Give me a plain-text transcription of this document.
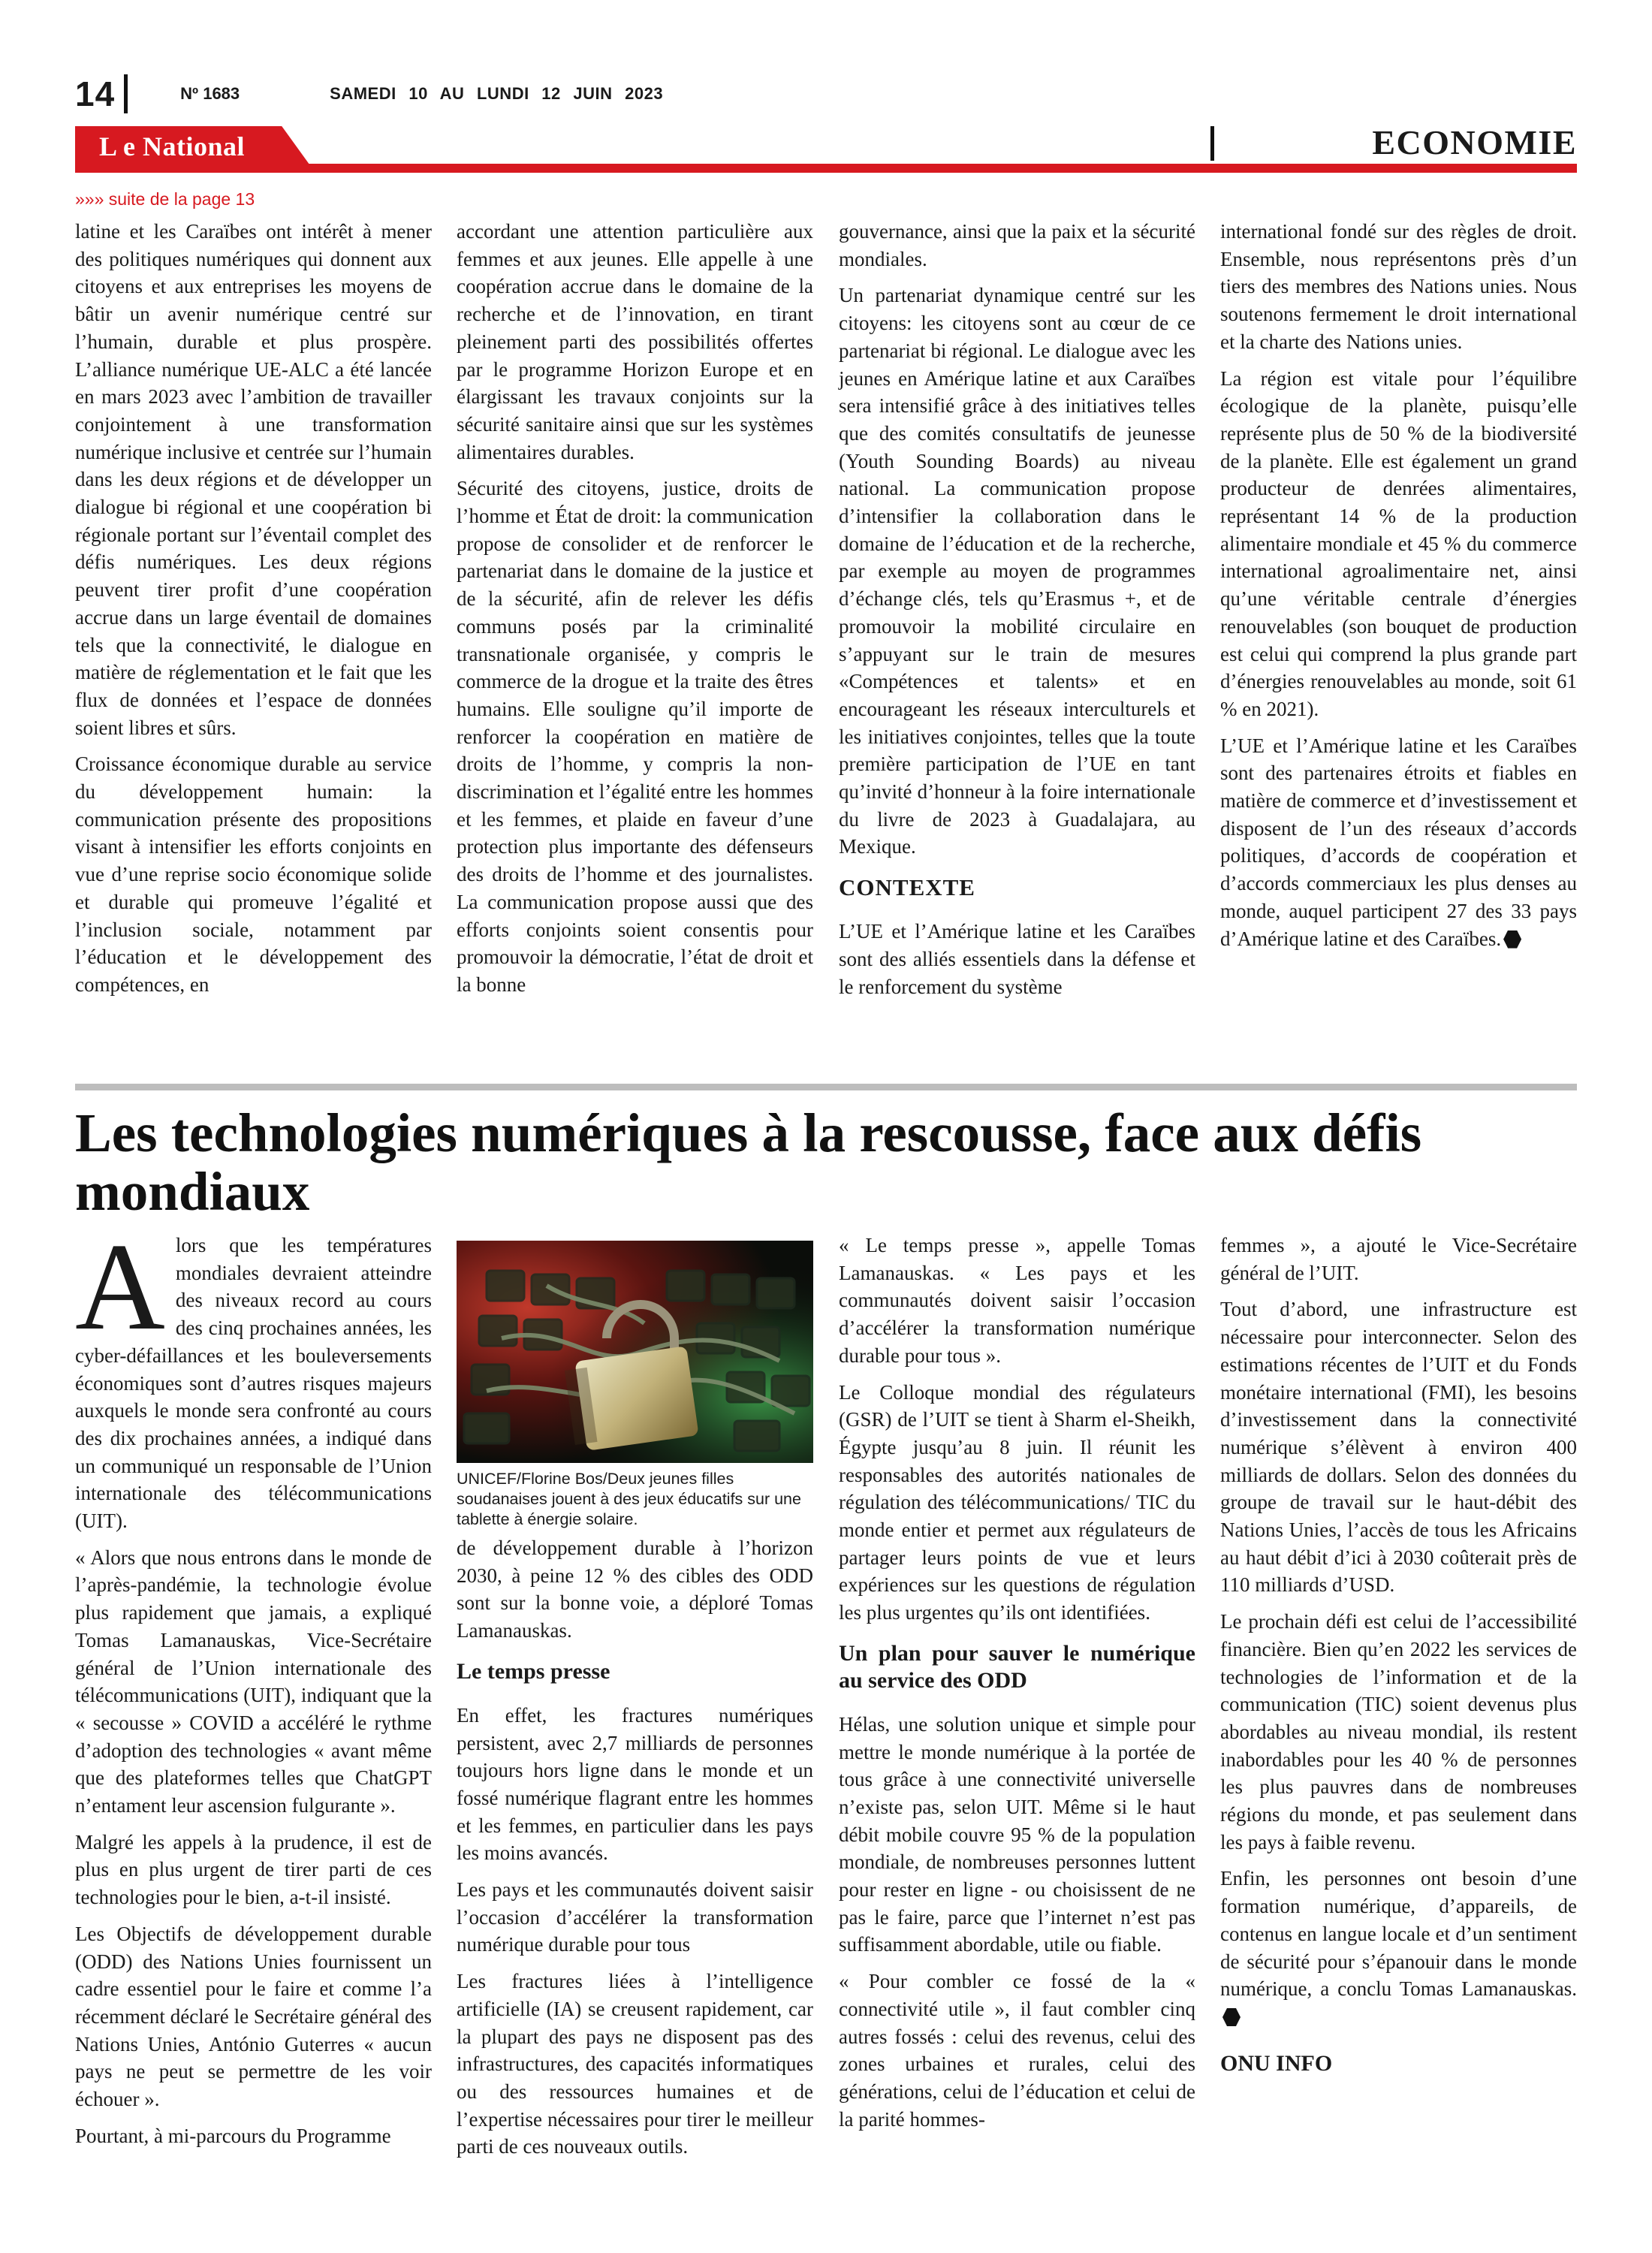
14	Nº 1683	SAMEDI 10 AU LUNDI 12 JUIN 2023
L e National	ECONOMIE
»»» suite de la page 13

latine et les Caraïbes ont intérêt à mener des politiques numériques qui donnent aux citoyens et aux entreprises les moyens de bâtir un avenir numérique centré sur l’humain, durable et plus prospère. L’alliance numérique UE-ALC a été lancée en mars 2023 avec l’ambition de travailler conjointement à une transformation numérique inclusive et centrée sur l’humain dans les deux régions et de développer un dialogue bi régional et une coopération bi régionale portant sur l’éventail complet des défis numériques. Les deux régions peuvent tirer profit d’une coopération accrue dans un large éventail de domaines tels que la connectivité, le dialogue en matière de réglementation et le fait que les flux de données et l’espace de données soient libres et sûrs.

Croissance économique durable au service du développement humain: la communication présente des propositions visant à intensifier les efforts conjoints en vue d’une reprise socio économique solide et durable qui promeuve l’égalité et l’inclusion sociale, notamment par l’éducation et le développement des compétences, en

accordant une attention particulière aux femmes et aux jeunes. Elle appelle à une coopération accrue dans le domaine de la recherche et de l’innovation, en tirant pleinement parti des possibilités offertes par le programme Horizon Europe et en élargissant les travaux conjoints sur la sécurité sanitaire ainsi que sur les systèmes alimentaires durables.

Sécurité des citoyens, justice, droits de l’homme et État de droit: la communication propose de consolider et de renforcer le partenariat dans le domaine de la justice et de la sécurité, afin de relever les défis communs posés par la criminalité transnationale organisée, y compris le commerce de la drogue et la traite des êtres humains. Elle souligne qu’il importe de renforcer la coopération en matière de droits de l’homme, y compris la non-discrimination et l’égalité entre les hommes et les femmes, et plaide en faveur d’une protection plus importante des défenseurs des droits de l’homme et des journalistes. La communication propose aussi que des efforts conjoints soient consentis pour promouvoir la démocratie, l’état de droit et la bonne

gouvernance, ainsi que la paix et la sécurité mondiales.

Un partenariat dynamique centré sur les citoyens: les citoyens sont au cœur de ce partenariat bi régional. Le dialogue avec les jeunes en Amérique latine et aux Caraïbes sera intensifié grâce à des initiatives telles que des comités consultatifs de jeunesse (Youth Sounding Boards) au niveau national. La communication propose d’intensifier la collaboration dans le domaine de l’éducation et de la recherche, par exemple au moyen de programmes d’échange clés, tels qu’Erasmus +, et de promouvoir la mobilité circulaire en s’appuyant sur le train de mesures «Compétences et talents» et en encourageant les réseaux interculturels et les initiatives conjointes, telles que la toute première participation de l’UE en tant qu’invité d’honneur à la foire internationale du livre de 2023 à Guadalajara, au Mexique.

CONTEXTE

L’UE et l’Amérique latine et les Caraïbes sont des alliés essentiels dans la défense et le renforcement du système

international fondé sur des règles de droit. Ensemble, nous représentons près d’un tiers des membres des Nations unies. Nous soutenons fermement le droit international et la charte des Nations unies.

La région est vitale pour l’équilibre écologique de la planète, puisqu’elle représente plus de 50 % de la biodiversité de la planète. Elle est également un grand producteur de denrées alimentaires, représentant 14 % de la production alimentaire mondiale et 45 % du commerce international agroalimentaire net, ainsi qu’une véritable centrale d’énergies renouvelables (son bouquet de production est celui qui comprend la plus grande part d’énergies renouvelables au monde, soit 61 % en 2021).

L’UE et l’Amérique latine et les Caraïbes sont des partenaires étroits et fiables en matière de commerce et d’investissement et disposent de l’un des réseaux d’accords politiques, d’accords de coopération et d’accords commerciaux les plus denses au monde, auquel participent 27 des 33 pays d’Amérique latine et des Caraïbes.

Les technologies numériques à la rescousse, face aux défis mondiaux

Alors que les températures mondiales devraient atteindre des niveaux record au cours des cinq prochaines années, les cyber-défaillances et les bouleversements économiques sont d’autres risques majeurs auxquels le monde sera confronté au cours des dix prochaines années, a indiqué dans un communiqué un responsable de l’Union internationale des télécommunications (UIT).

« Alors que nous entrons dans le monde de l’après-pandémie, la technologie évolue plus rapidement que jamais, a expliqué Tomas Lamanauskas, Vice-Secrétaire général de l’Union internationale des télécommunications (UIT), indiquant que la « secousse » COVID a accéléré le rythme d’adoption des technologies « avant même que des plateformes telles que ChatGPT n’entament leur ascension fulgurante ».

Malgré les appels à la prudence, il est de plus en plus urgent de tirer parti de ces technologies pour le bien, a-t-il insisté.

Les Objectifs de développement durable (ODD) des Nations Unies fournissent un cadre essentiel pour le faire et comme l’a récemment déclaré le Secrétaire général des Nations Unies, António Guterres « aucun pays ne peut se permettre de les voir échouer ».

Pourtant, à mi-parcours du Programme

UNICEF/Florine Bos/Deux jeunes filles soudanaises jouent à des jeux éducatifs sur une tablette à énergie solaire.

de développement durable à l’horizon 2030, à peine 12 % des cibles des ODD sont sur la bonne voie, a déploré Tomas Lamanauskas.

Le temps presse

En effet, les fractures numériques persistent, avec 2,7 milliards de personnes toujours hors ligne dans le monde et un fossé numérique flagrant entre les hommes et les femmes, en particulier dans les pays les moins avancés.

Les pays et les communautés doivent saisir l’occasion d’accélérer la transformation numérique durable pour tous

Les fractures liées à l’intelligence artificielle (IA) se creusent rapidement, car la plupart des pays ne disposent pas des infrastructures, des capacités informatiques ou des ressources humaines et de l’expertise nécessaires pour tirer le meilleur parti de ces nouveaux outils.

« Le temps presse », appelle Tomas Lamanauskas. « Les pays et les communautés doivent saisir l’occasion d’accélérer la transformation numérique durable pour tous ».

Le Colloque mondial des régulateurs (GSR) de l’UIT se tient à Sharm el-Sheikh, Égypte jusqu’au 8 juin. Il réunit les responsables des autorités nationales de régulation des télécommunications/ TIC du monde entier et permet aux régulateurs de partager leurs points de vue et leurs expériences sur les questions de régulation les plus urgentes qu’ils ont identifiées.

Un plan pour sauver le numérique au service des ODD

Hélas, une solution unique et simple pour mettre le monde numérique à la portée de tous grâce à une connectivité universelle n’existe pas, selon UIT. Même si le haut débit mobile couvre 95 % de la population mondiale, de nombreuses personnes luttent pour rester en ligne - ou choisissent de ne pas le faire, parce que l’internet n’est pas suffisamment abordable, utile ou fiable.

« Pour combler ce fossé de la « connectivité utile », il faut combler cinq autres fossés : celui des revenus, celui des zones urbaines et rurales, celui des générations, celui de l’éducation et celui de la parité hommes-

femmes », a ajouté le Vice-Secrétaire général de l’UIT.

Tout d’abord, une infrastructure est nécessaire pour interconnecter. Selon des estimations récentes de l’UIT et du Fonds monétaire international (FMI), les besoins d’investissement dans la connectivité numérique s’élèvent à environ 400 milliards de dollars. Selon des données du groupe de travail sur le haut-débit des Nations Unies, l’accès de tous les Africains au haut débit d’ici à 2030 coûterait près de 110 milliards d’USD.

Le prochain défi est celui de l’accessibilité financière. Bien qu’en 2022 les services de technologies de l’information et de la communication (TIC) soient devenus plus abordables au niveau mondial, ils restent inabordables pour les 40 % de personnes les plus pauvres dans de nombreuses régions du monde, et pas seulement dans les pays à faible revenu.

Enfin, les personnes ont besoin d’une formation numérique, d’appareils, de contenus en langue locale et d’un sentiment de sécurité pour s’épanouir dans le monde numérique, a conclu Tomas Lamanauskas.

ONU INFO
